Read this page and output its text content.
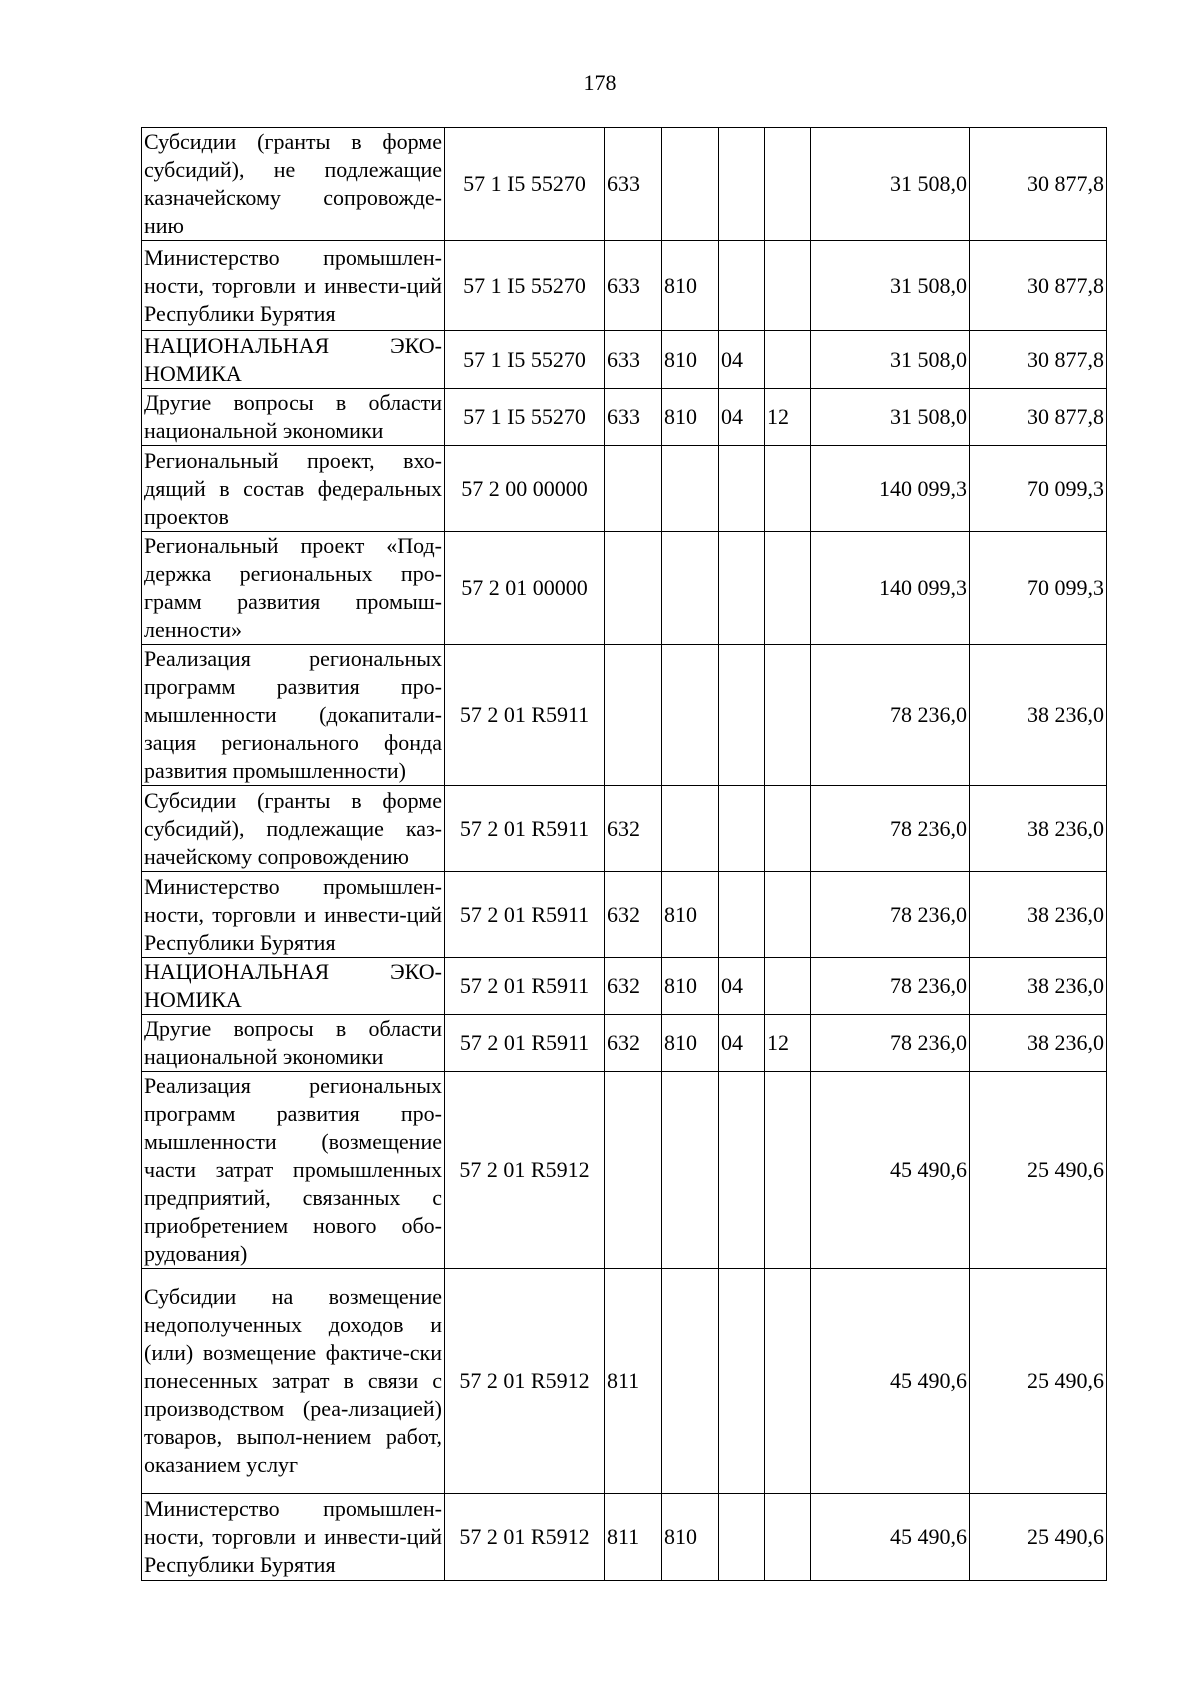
178
Субсидии (гранты в форме субсидий), не подлежащие казначейскому сопровожде-нию	57 1 I5 55270	633				31 508,0	30 877,8
Министерство промышлен-ности, торговли и инвести-ций Республики Бурятия	57 1 I5 55270	633	810			31 508,0	30 877,8
НАЦИОНАЛЬНАЯ ЭКО-НОМИКА	57 1 I5 55270	633	810	04		31 508,0	30 877,8
Другие вопросы в области национальной экономики	57 1 I5 55270	633	810	04	12	31 508,0	30 877,8
Региональный проект, вхо-дящий в состав федеральных проектов	57 2 00 00000					140 099,3	70 099,3
Региональный проект «Под-держка региональных про-грамм развития промыш-ленности»	57 2 01 00000					140 099,3	70 099,3
Реализация региональных программ развития про-мышленности (докапитали-зация регионального фонда развития промышленности)	57 2 01 R5911					78 236,0	38 236,0
Субсидии (гранты в форме субсидий), подлежащие каз-начейскому сопровождению	57 2 01 R5911	632				78 236,0	38 236,0
Министерство промышлен-ности, торговли и инвести-ций Республики Бурятия	57 2 01 R5911	632	810			78 236,0	38 236,0
НАЦИОНАЛЬНАЯ ЭКО-НОМИКА	57 2 01 R5911	632	810	04		78 236,0	38 236,0
Другие вопросы в области национальной экономики	57 2 01 R5911	632	810	04	12	78 236,0	38 236,0
Реализация региональных программ развития про-мышленности (возмещение части затрат промышленных предприятий, связанных с приобретением нового обо-рудования)	57 2 01 R5912					45 490,6	25 490,6
Субсидии на возмещение недополученных доходов и (или) возмещение фактиче-ски понесенных затрат в связи с производством (реа-лизацией) товаров, выпол-нением работ, оказанием услуг	57 2 01 R5912	811				45 490,6	25 490,6
Министерство промышлен-ности, торговли и инвести-ций Республики Бурятия	57 2 01 R5912	811	810			45 490,6	25 490,6
